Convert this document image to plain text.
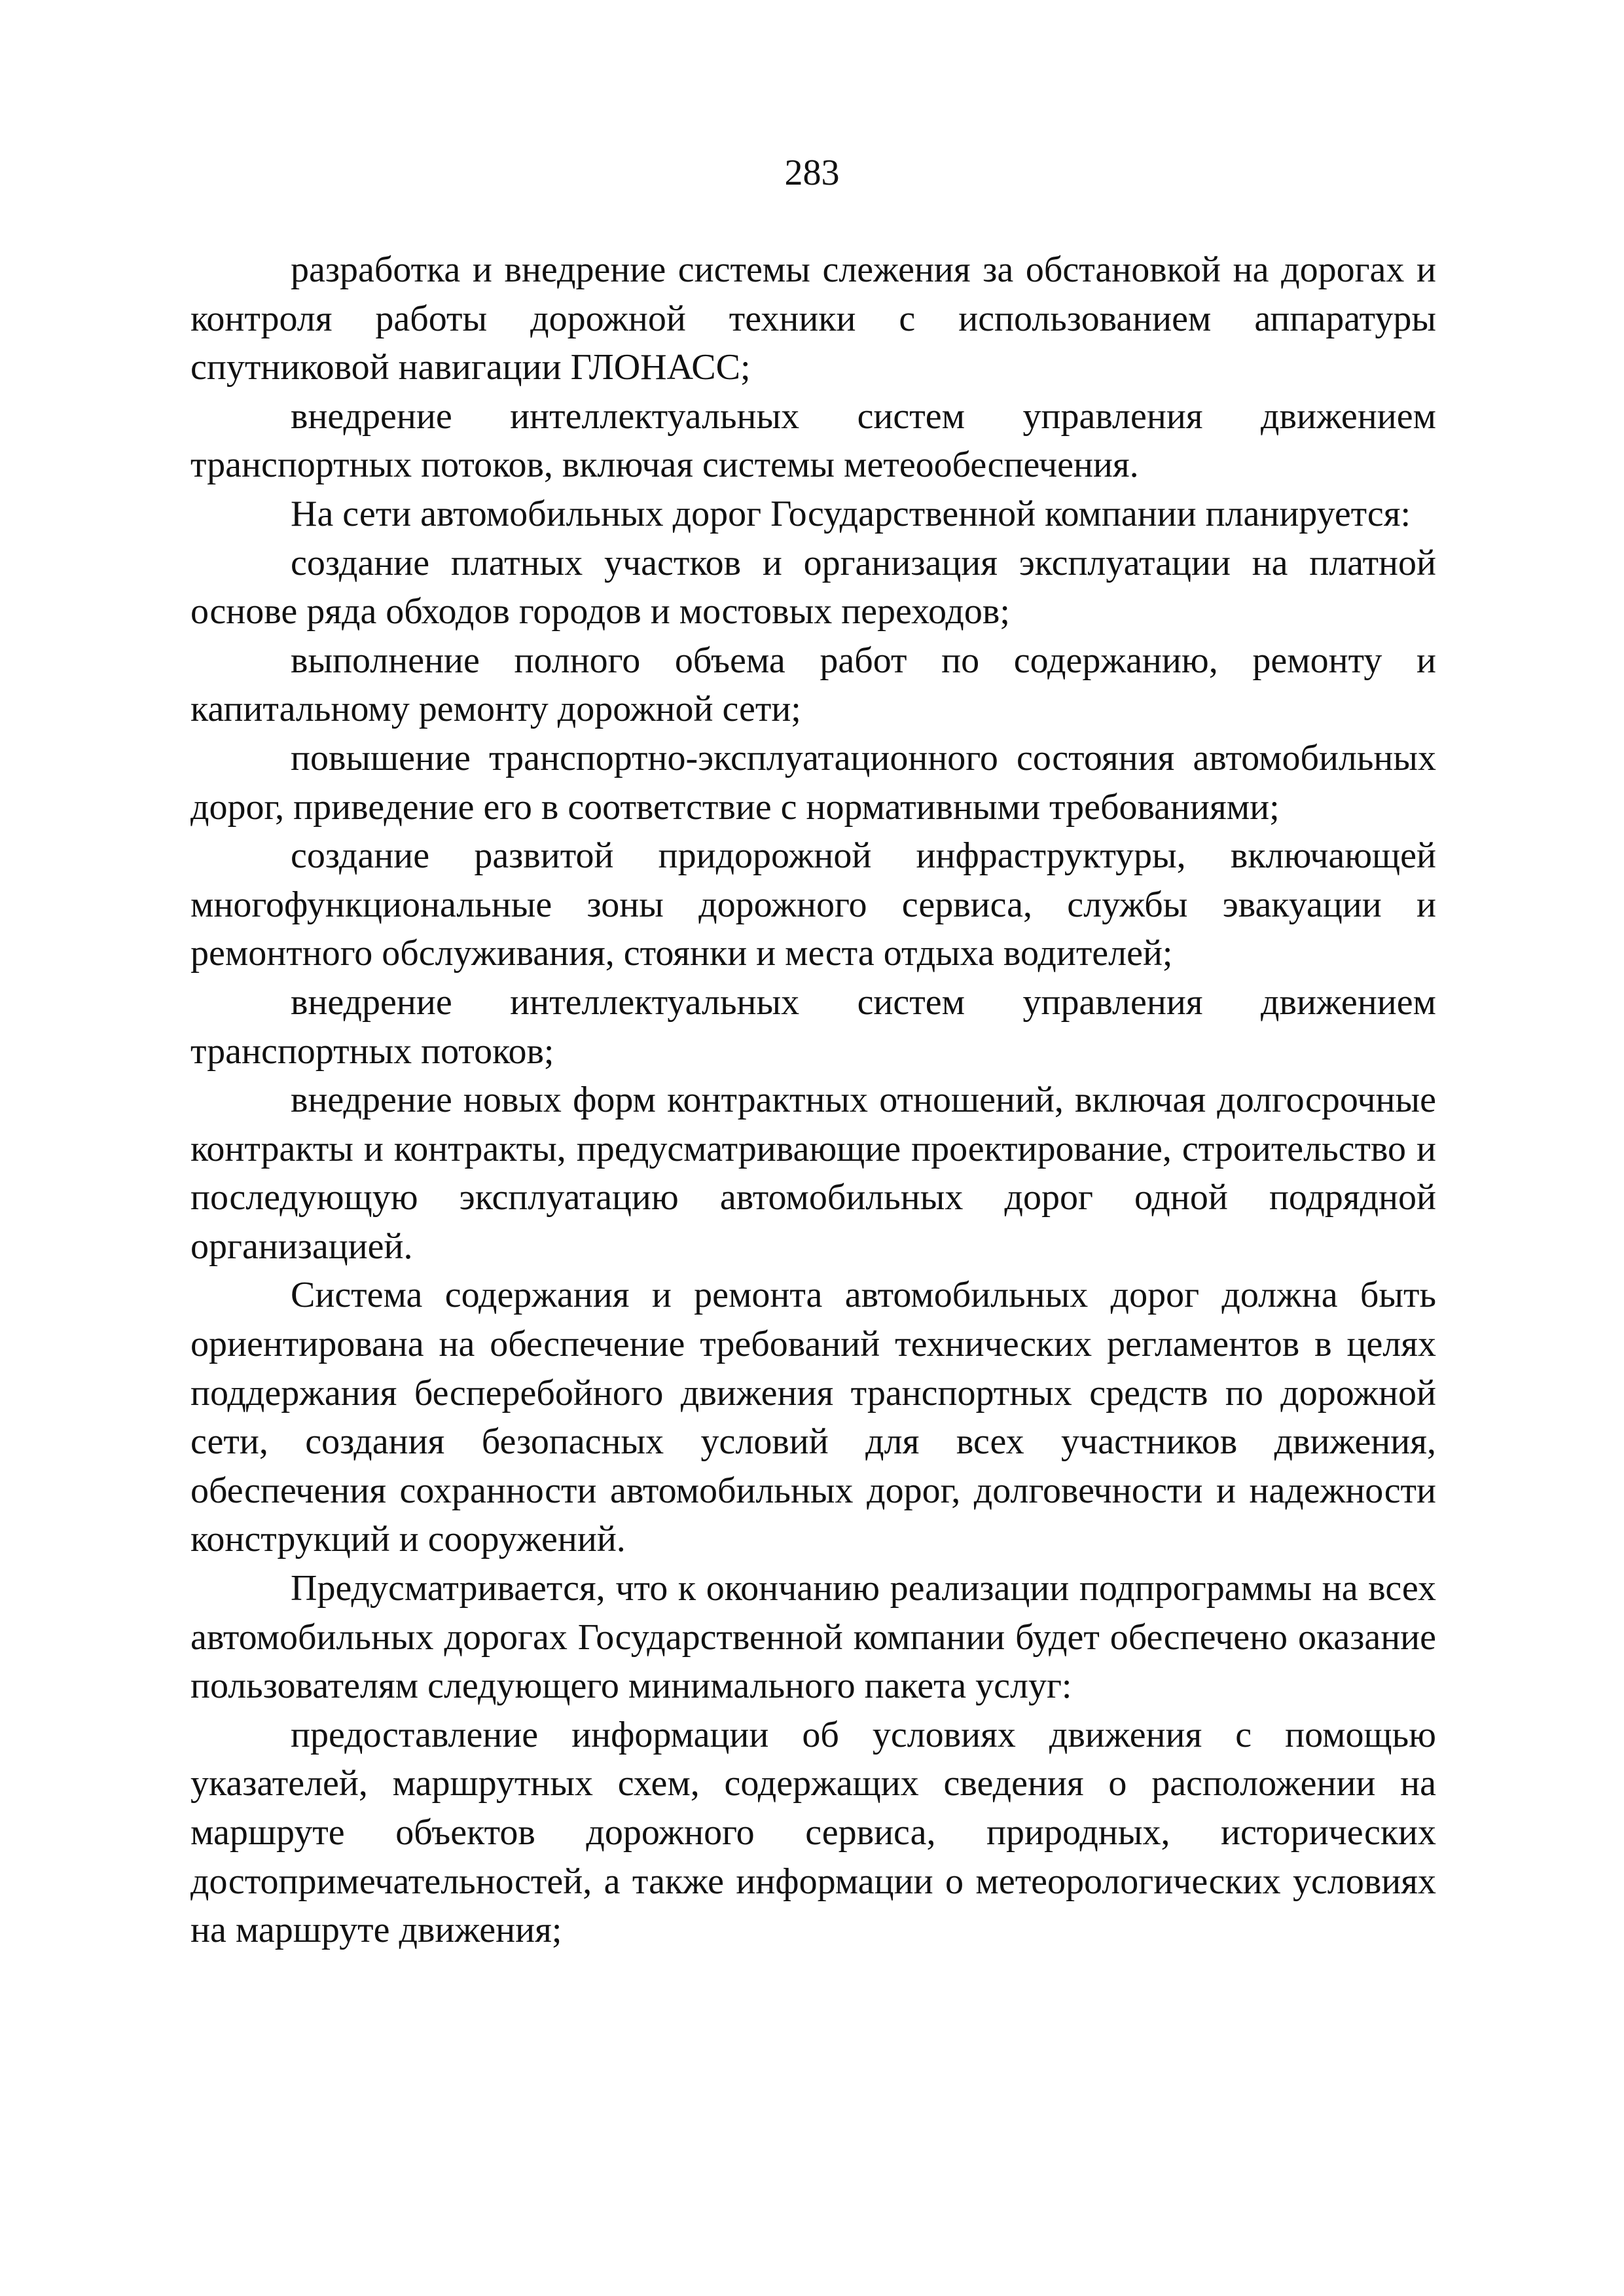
283

разработка и внедрение системы слежения за обстановкой на дорогах и контроля работы дорожной техники с использованием аппаратуры спутниковой навигации ГЛОНАСС;

внедрение интеллектуальных систем управления движением транспортных потоков, включая системы метеообеспечения.

На сети автомобильных дорог Государственной компании планируется:

создание платных участков и организация эксплуатации на платной основе ряда обходов городов и мостовых переходов;

выполнение полного объема работ по содержанию, ремонту и капитальному ремонту дорожной сети;

повышение транспортно-эксплуатационного состояния автомобильных дорог, приведение его в соответствие с нормативными требованиями;

создание развитой придорожной инфраструктуры, включающей многофункциональные зоны дорожного сервиса, службы эвакуации и ремонтного обслуживания, стоянки и места отдыха водителей;

внедрение интеллектуальных систем управления движением транспортных потоков;

внедрение новых форм контрактных отношений, включая долгосрочные контракты и контракты, предусматривающие проектирование, строительство и последующую эксплуатацию автомобильных дорог одной подрядной организацией.

Система содержания и ремонта автомобильных дорог должна быть ориентирована на обеспечение требований технических регламентов в целях поддержания бесперебойного движения транспортных средств по дорожной сети, создания безопасных условий для всех участников движения, обеспечения сохранности автомобильных дорог, долговечности и надежности конструкций и сооружений.

Предусматривается, что к окончанию реализации подпрограммы на всех автомобильных дорогах Государственной компании будет обеспечено оказание пользователям следующего минимального пакета услуг:

предоставление информации об условиях движения с помощью указателей, маршрутных схем, содержащих сведения о расположении на маршруте объектов дорожного сервиса, природных, исторических достопримечательностей, а также информации о метеорологических условиях на маршруте движения;
